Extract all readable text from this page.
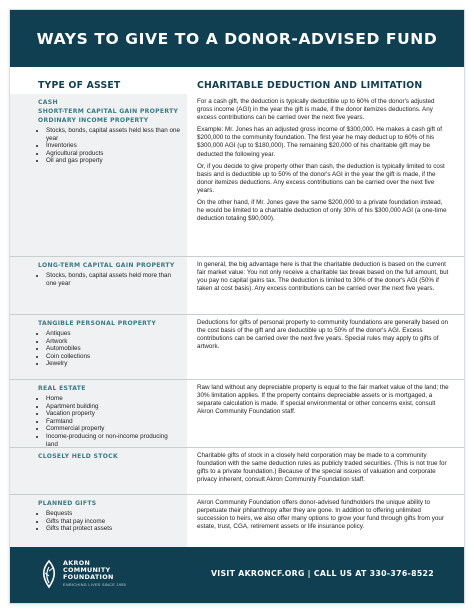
WAYS TO GIVE TO A DONOR-ADVISED FUND
TYPE OF ASSET	CHARITABLE DEDUCTION AND LIMITATION
CASH
SHORT-TERM CAPITAL GAIN PROPERTY
ORDINARY INCOME PROPERTY
• Stocks, bonds, capital assets held less than one year
• Inventories
• Agricultural products
• Oil and gas property

For a cash gift, the deduction is typically deductible up to 60% of the donor's adjusted gross income (AGI) in the year the gift is made, if the donor itemizes deductions. Any excess contributions can be carried over the next five years.

Example: Mr. Jones has an adjusted gross income of $300,000. He makes a cash gift of $200,000 to the community foundation. The first year he may deduct up to 60% of his $300,000 AGI (up to $180,000). The remaining $20,000 of his charitable gift may be deducted the following year.

Or, if you decide to give property other than cash, the deduction is typically limited to cost basis and is deductible up to 50% of the donor's AGI in the year the gift is made, if the donor itemizes deductions. Any excess contributions can be carried over the next five years.

On the other hand, if Mr. Jones gave the same $200,000 to a private foundation instead, he would be limited to a charitable deduction of only 30% of his $300,000 AGI (a one-time deduction totaling $90,000).

LONG-TERM CAPITAL GAIN PROPERTY
• Stocks, bonds, capital assets held more than one year

In general, the big advantage here is that the charitable deduction is based on the current fair market value: You not only receive a charitable tax break based on the full amount, but you pay no capital gains tax. The deduction is limited to 30% of the donor's AGI (50% if taken at cost basis). Any excess contributions can be carried over the next five years.

TANGIBLE PERSONAL PROPERTY
• Antiques
• Artwork
• Automobiles
• Coin collections
• Jewelry

Deductions for gifts of personal property to community foundations are generally based on the cost basis of the gift and are deductible up to 50% of the donor's AGI. Excess contributions can be carried over the next five years. Special rules may apply to gifts of artwork.

REAL ESTATE
• Home
• Apartment building
• Vacation property
• Farmland
• Commercial property
• Income-producing or non-income producing land

Raw land without any depreciable property is equal to the fair market value of the land; the 30% limitation applies. If the property contains depreciable assets or is mortgaged, a separate calculation is made. If special environmental or other concerns exist, consult Akron Community Foundation staff.

CLOSELY HELD STOCK	Charitable gifts of stock in a closely held corporation may be made to a community foundation with the same deduction rules as publicly traded securities. (This is not true for gifts to a private foundation.) Because of the special issues of valuation and corporate privacy inherent, consult Akron Community Foundation staff.

PLANNED GIFTS
• Bequests
• Gifts that pay income
• Gifts that protect assets

Akron Community Foundation offers donor-advised fundholders the unique ability to perpetuate their philanthropy after they are gone. In addition to offering unlimited succession to heirs, we also offer many options to grow your fund through gifts from your estate, trust, CGA, retirement assets or life insurance policy.

AKRON
COMMUNITY
FOUNDATION
ENRICHING LIVES SINCE 1955
VISIT AKRONCF.ORG | CALL US AT 330-376-8522
